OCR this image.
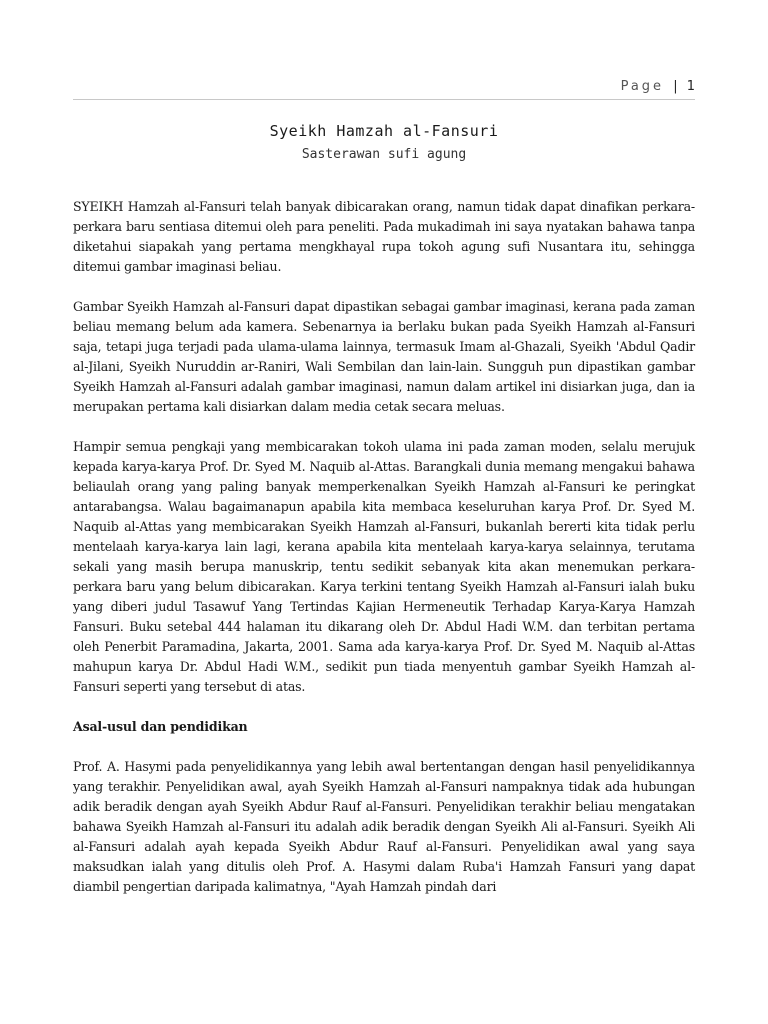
Page | 1
Syeikh Hamzah al-Fansuri
Sasterawan sufi agung

SYEIKH Hamzah al-Fansuri telah banyak dibicarakan orang, namun tidak dapat dinafikan perkara-perkara baru sentiasa ditemui oleh para peneliti. Pada mukadimah ini saya nyatakan bahawa tanpa diketahui siapakah yang pertama mengkhayal rupa tokoh agung sufi Nusantara itu, sehingga ditemui gambar imaginasi beliau.

Gambar Syeikh Hamzah al-Fansuri dapat dipastikan sebagai gambar imaginasi, kerana pada zaman beliau memang belum ada kamera. Sebenarnya ia berlaku bukan pada Syeikh Hamzah al-Fansuri saja, tetapi juga terjadi pada ulama-ulama lainnya, termasuk Imam al-Ghazali, Syeikh 'Abdul Qadir al-Jilani, Syeikh Nuruddin ar-Raniri, Wali Sembilan dan lain-lain. Sungguh pun dipastikan gambar Syeikh Hamzah al-Fansuri adalah gambar imaginasi, namun dalam artikel ini disiarkan juga, dan ia merupakan pertama kali disiarkan dalam media cetak secara meluas.

Hampir semua pengkaji yang membicarakan tokoh ulama ini pada zaman moden, selalu merujuk kepada karya-karya Prof. Dr. Syed M. Naquib al-Attas. Barangkali dunia memang mengakui bahawa beliaulah orang yang paling banyak memperkenalkan Syeikh Hamzah al-Fansuri ke peringkat antarabangsa. Walau bagaimanapun apabila kita membaca keseluruhan karya Prof. Dr. Syed M. Naquib al-Attas yang membicarakan Syeikh Hamzah al-Fansuri, bukanlah bererti kita tidak perlu mentelaah karya-karya lain lagi, kerana apabila kita mentelaah karya-karya selainnya, terutama sekali yang masih berupa manuskrip, tentu sedikit sebanyak kita akan menemukan perkara-perkara baru yang belum dibicarakan. Karya terkini tentang Syeikh Hamzah al-Fansuri ialah buku yang diberi judul Tasawuf Yang Tertindas Kajian Hermeneutik Terhadap Karya-Karya Hamzah Fansuri. Buku setebal 444 halaman itu dikarang oleh Dr. Abdul Hadi W.M. dan terbitan pertama oleh Penerbit Paramadina, Jakarta, 2001. Sama ada karya-karya Prof. Dr. Syed M. Naquib al-Attas mahupun karya Dr. Abdul Hadi W.M., sedikit pun tiada menyentuh gambar Syeikh Hamzah al-Fansuri seperti yang tersebut di atas.

Asal-usul dan pendidikan

Prof. A. Hasymi pada penyelidikannya yang lebih awal bertentangan dengan hasil penyelidikannya yang terakhir. Penyelidikan awal, ayah Syeikh Hamzah al-Fansuri nampaknya tidak ada hubungan adik beradik dengan ayah Syeikh Abdur Rauf al-Fansuri. Penyelidikan terakhir beliau mengatakan bahawa Syeikh Hamzah al-Fansuri itu adalah adik beradik dengan Syeikh Ali al-Fansuri. Syeikh Ali al-Fansuri adalah ayah kepada Syeikh Abdur Rauf al-Fansuri. Penyelidikan awal yang saya maksudkan ialah yang ditulis oleh Prof. A. Hasymi dalam Ruba'i Hamzah Fansuri yang dapat diambil pengertian daripada kalimatnya, "Ayah Hamzah pindah dari
